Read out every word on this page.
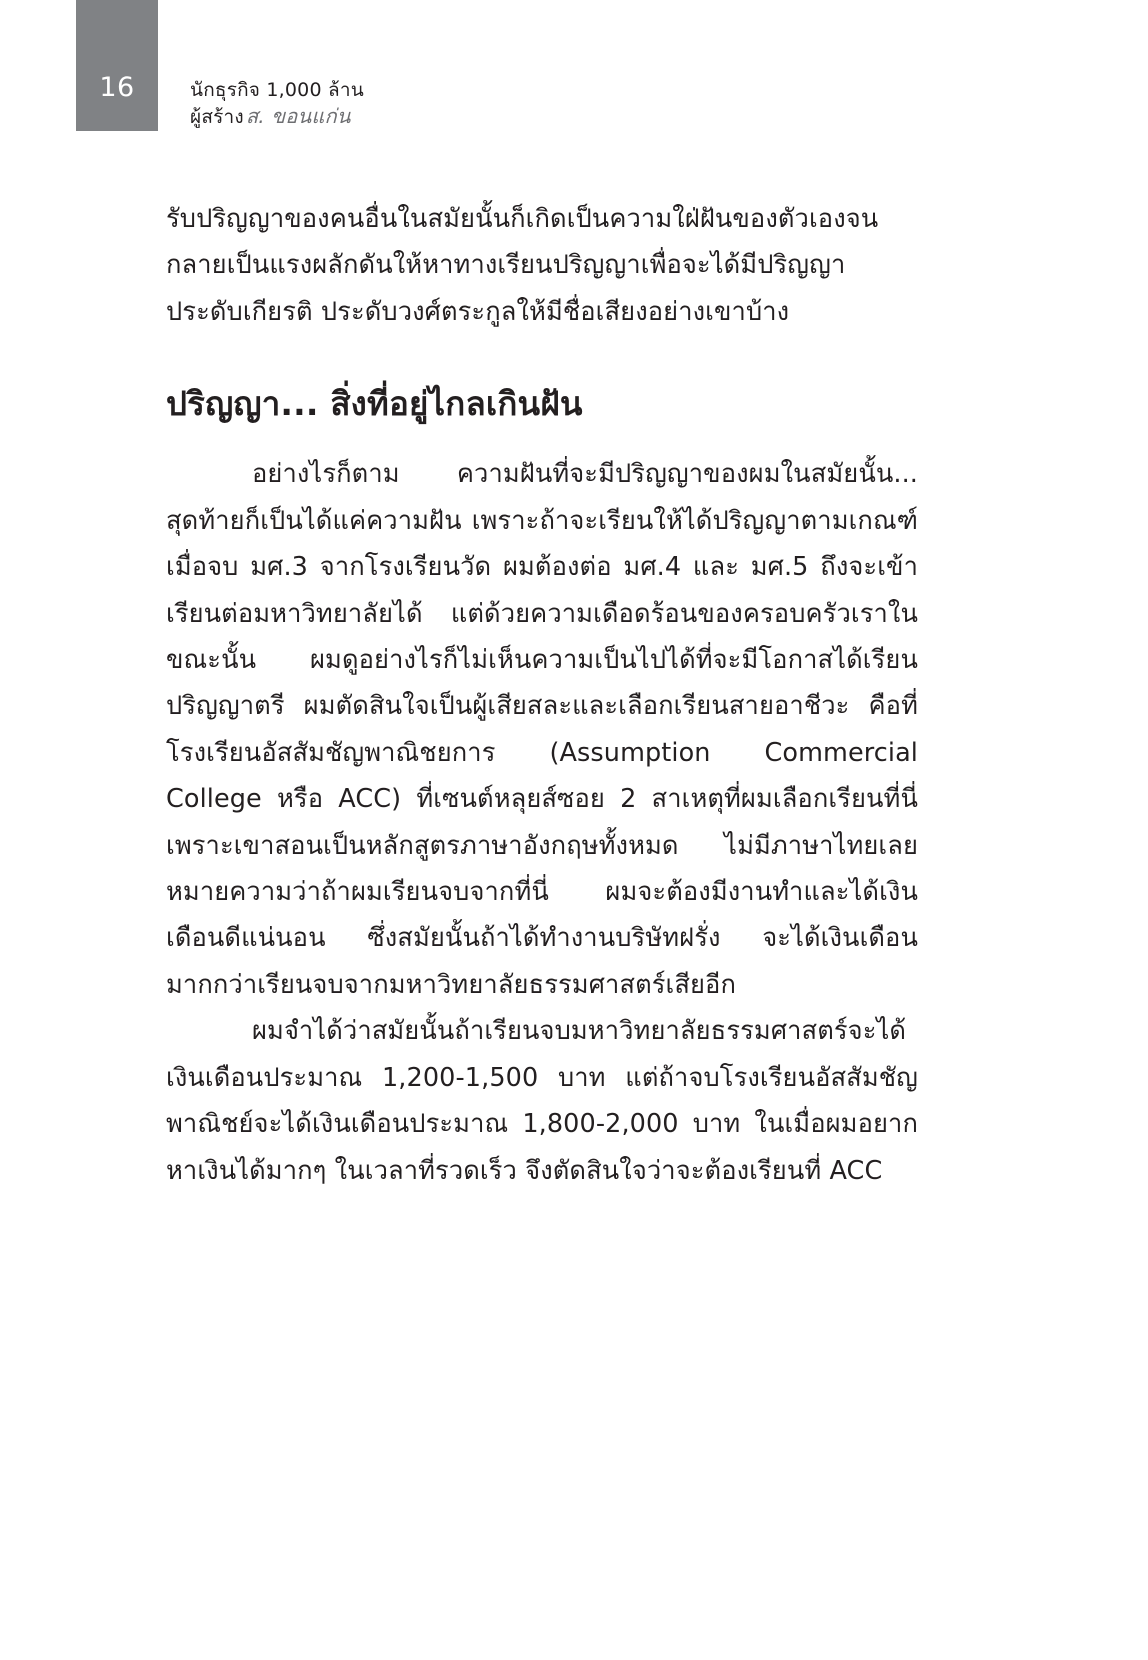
16	นักธุรกิจ 1,000 ล้าน
ผู้สร้าง ส. ขอนแก่น

รับปริญญาของคนอื่นในสมัยนั้นก็เกิดเป็นความใฝ่ฝันของตัวเองจนกลายเป็นแรงผลักดันให้หาทางเรียนปริญญาเพื่อจะได้มีปริญญาประดับเกียรติ ประดับวงศ์ตระกูลให้มีชื่อเสียงอย่างเขาบ้าง

ปริญญา... สิ่งที่อยู่ไกลเกินฝัน

อย่างไรก็ตาม ความฝันที่จะมีปริญญาของผมในสมัยนั้น... สุดท้ายก็เป็นได้แค่ความฝัน เพราะถ้าจะเรียนให้ได้ปริญญาตามเกณฑ์ เมื่อจบ มศ.3 จากโรงเรียนวัด ผมต้องต่อ มศ.4 และ มศ.5 ถึงจะเข้าเรียนต่อมหาวิทยาลัยได้ แต่ด้วยความเดือดร้อนของครอบครัวเราในขณะนั้น ผมดูอย่างไรก็ไม่เห็นความเป็นไปได้ที่จะมีโอกาสได้เรียนปริญญาตรี ผมตัดสินใจเป็นผู้เสียสละและเลือกเรียนสายอาชีวะ คือที่โรงเรียนอัสสัมชัญพาณิชยการ (Assumption Commercial College หรือ ACC) ที่เซนต์หลุยส์ซอย 2 สาเหตุที่ผมเลือกเรียนที่นี่เพราะเขาสอนเป็นหลักสูตรภาษาอังกฤษทั้งหมด ไม่มีภาษาไทยเลย หมายความว่าถ้าผมเรียนจบจากที่นี่ ผมจะต้องมีงานทำและได้เงินเดือนดีแน่นอน ซึ่งสมัยนั้นถ้าได้ทำงานบริษัทฝรั่ง จะได้เงินเดือนมากกว่าเรียนจบจากมหาวิทยาลัยธรรมศาสตร์เสียอีก

ผมจำได้ว่าสมัยนั้นถ้าเรียนจบมหาวิทยาลัยธรรมศาสตร์จะได้เงินเดือนประมาณ 1,200-1,500 บาท แต่ถ้าจบโรงเรียนอัสสัมชัญพาณิชย์จะได้เงินเดือนประมาณ 1,800-2,000 บาท ในเมื่อผมอยากหาเงินได้มากๆ ในเวลาที่รวดเร็ว จึงตัดสินใจว่าจะต้องเรียนที่ ACC
